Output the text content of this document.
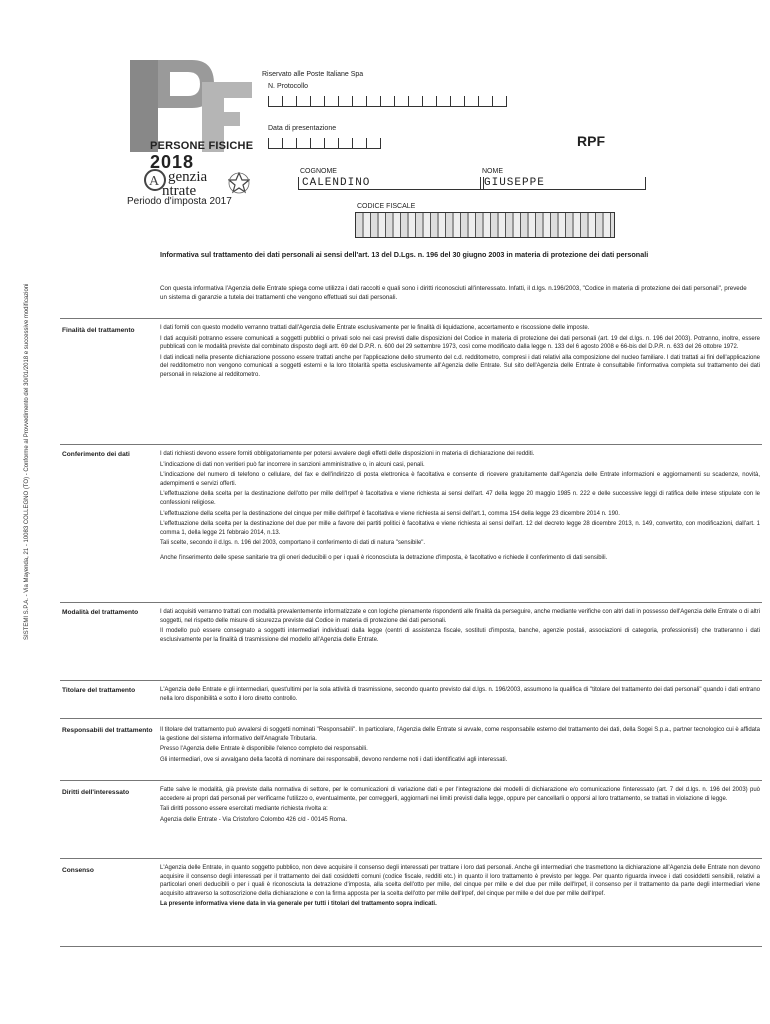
SISTEMI S.P.A. - Via Mayenda, 21 - 10083 COLLEGNO (TO) - Conforme al Provvedimento del 30/01/2018 e successive modificazioni
PERSONE FISICHE
2018
A genzia
ntrate
Periodo d'imposta 2017
Riservato alle Poste Italiane Spa
N. Protocollo
Data di presentazione
RPF
COGNOME
CALENDINO
NOME
GIUSEPPE
CODICE FISCALE
Informativa sul trattamento dei dati personali ai sensi dell'art. 13 del D.Lgs. n. 196 del 30 giugno 2003 in materia di protezione dei dati personali
Con questa informativa l'Agenzia delle Entrate spiega come utilizza i dati raccolti e quali sono i diritti riconosciuti all'interessato. Infatti, il d.lgs. n.196/2003, "Codice in materia di protezione dei dati personali", prevede un sistema di garanzie a tutela dei trattamenti che vengono effettuati sui dati personali.
Finalità del trattamento	I dati forniti con questo modello verranno trattati dall'Agenzia delle Entrate esclusivamente per le finalità di liquidazione, accertamento e riscossione delle imposte.

I dati acquisiti potranno essere comunicati a soggetti pubblici o privati solo nei casi previsti dalle disposizioni del Codice in materia di protezione dei dati personali (art. 19 del d.lgs. n. 196 del 2003). Potranno, inoltre, essere pubblicati con le modalità previste dal combinato disposto degli artt. 69 del D.P.R. n. 600 del 29 settembre 1973, così come modificato dalla legge n. 133 del 6 agosto 2008 e 66-bis del D.P.R. n. 633 del 26 ottobre 1972.

I dati indicati nella presente dichiarazione possono essere trattati anche per l'applicazione dello strumento del c.d. redditometro, compresi i dati relativi alla composizione del nucleo familiare. I dati trattati ai fini dell'applicazione del redditometro non vengono comunicati a soggetti esterni e la loro titolarità spetta esclusivamente all'Agenzia delle Entrate. Sul sito dell'Agenzia delle Entrate è consultabile l'informativa completa sul trattamento dei dati personali in relazione al redditometro.

Conferimento dei dati	I dati richiesti devono essere forniti obbligatoriamente per potersi avvalere degli effetti delle disposizioni in materia di dichiarazione dei redditi.

L'indicazione di dati non veritieri può far incorrere in sanzioni amministrative o, in alcuni casi, penali.

L'indicazione del numero di telefono o cellulare, del fax e dell'indirizzo di posta elettronica è facoltativa e consente di ricevere gratuitamente dall'Agenzia delle Entrate informazioni e aggiornamenti su scadenze, novità, adempimenti e servizi offerti.

L'effettuazione della scelta per la destinazione dell'otto per mille dell'Irpef è facoltativa e viene richiesta ai sensi dell'art. 47 della legge 20 maggio 1985 n. 222 e delle successive leggi di ratifica delle intese stipulate con le confessioni religiose.

L'effettuazione della scelta per la destinazione del cinque per mille dell'Irpef è facoltativa e viene richiesta ai sensi dell'art.1, comma 154 della legge 23 dicembre 2014 n. 190.

L'effettuazione della scelta per la destinazione del due per mille a favore dei partiti politici è facoltativa e viene richiesta ai sensi dell'art. 12 del decreto legge 28 dicembre 2013, n. 149, convertito, con modificazioni, dall'art. 1 comma 1, della legge 21 febbraio 2014, n.13.

Tali scelte, secondo il d.lgs. n. 196 del 2003, comportano il conferimento di dati di natura "sensibile".

Anche l'inserimento delle spese sanitarie tra gli oneri deducibili o per i quali è riconosciuta la detrazione d'imposta, è facoltativo e richiede il conferimento di dati sensibili.

Modalità del trattamento	I dati acquisiti verranno trattati con modalità prevalentemente informatizzate e con logiche pienamente rispondenti alle finalità da perseguire, anche mediante verifiche con altri dati in possesso dell'Agenzia delle Entrate o di altri soggetti, nel rispetto delle misure di sicurezza previste dal Codice in materia di protezione dei dati personali.

Il modello può essere consegnato a soggetti intermediari individuati dalla legge (centri di assistenza fiscale, sostituti d'imposta, banche, agenzie postali, associazioni di categoria, professionisti) che tratteranno i dati esclusivamente per la finalità di trasmissione del modello all'Agenzia delle Entrate.

Titolare del trattamento	L'Agenzia delle Entrate e gli intermediari, quest'ultimi per la sola attività di trasmissione, secondo quanto previsto dal d.lgs. n. 196/2003, assumono la qualifica di "titolare del trattamento dei dati personali" quando i dati entrano nella loro disponibilità e sotto il loro diretto controllo.

Responsabili del trattamento	Il titolare del trattamento può avvalersi di soggetti nominati "Responsabili". In particolare, l'Agenzia delle Entrate si avvale, come responsabile esterno del trattamento dei dati, della Sogei S.p.a., partner tecnologico cui è affidata la gestione del sistema informativo dell'Anagrafe Tributaria.

Presso l'Agenzia delle Entrate è disponibile l'elenco completo dei responsabili.

Gli intermediari, ove si avvalgano della facoltà di nominare dei responsabili, devono renderne noti i dati identificativi agli interessati.

Diritti dell'interessato	Fatte salve le modalità, già previste dalla normativa di settore, per le comunicazioni di variazione dati e per l'integrazione dei modelli di dichiarazione e/o comunicazione l'interessato (art. 7 del d.lgs. n. 196 del 2003) può accedere ai propri dati personali per verificarne l'utilizzo o, eventualmente, per correggerli, aggiornarli nei limiti previsti dalla legge, oppure per cancellarli o opporsi al loro trattamento, se trattati in violazione di legge.

Tali diritti possono essere esercitati mediante richiesta rivolta a:

Agenzia delle Entrate - Via Cristoforo Colombo 426 c/d - 00145 Roma.

Consenso	L'Agenzia delle Entrate, in quanto soggetto pubblico, non deve acquisire il consenso degli interessati per trattare i loro dati personali. Anche gli intermediari che trasmettono la dichiarazione all'Agenzia delle Entrate non devono acquisire il consenso degli interessati per il trattamento dei dati cosiddetti comuni (codice fiscale, redditi etc.) in quanto il loro trattamento è previsto per legge. Per quanto riguarda invece i dati cosiddetti sensibili, relativi a particolari oneri deducibili o per i quali è riconosciuta la detrazione d'imposta, alla scelta dell'otto per mille, del cinque per mille e del due per mille dell'Irpef, il consenso per il trattamento da parte degli intermediari viene acquisito attraverso la sottoscrizione della dichiarazione e con la firma apposta per la scelta dell'otto per mille dell'Irpef, del cinque per mille e del due per mille dell'Irpef.

La presente informativa viene data in via generale per tutti i titolari del trattamento sopra indicati.
